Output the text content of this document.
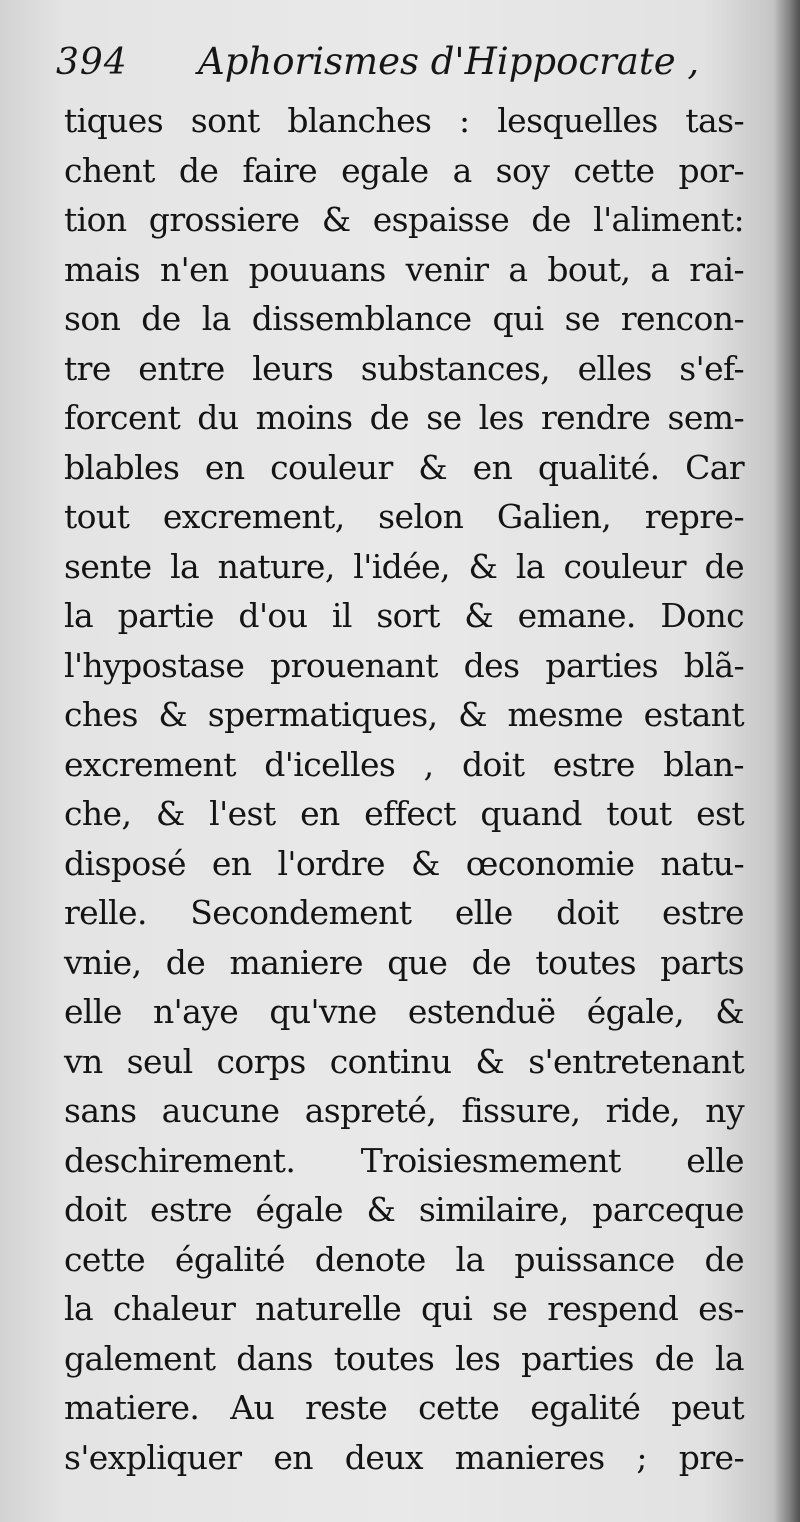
394 Aphorismes d'Hippocrate ,
tiques sont blanches : lesquelles tas-
chent de faire egale a soy cette por-
tion grossiere & espaisse de l'aliment:
mais n'en pouuans venir a bout, a rai-
son de la dissemblance qui se rencon-
tre entre leurs substances, elles s'ef-
forcent du moins de se les rendre sem-
blables en couleur & en qualité. Car
tout excrement, selon Galien, repre-
sente la nature, l'idée, & la couleur de
la partie d'ou il sort & emane. Donc
l'hypostase prouenant des parties blã-
ches & spermatiques, & mesme estant
excrement d'icelles , doit estre blan-
che, & l'est en effect quand tout est
disposé en l'ordre & œconomie natu-
relle. Secondement elle doit estre
vnie, de maniere que de toutes parts
elle n'aye qu'vne estenduë égale, &
vn seul corps continu & s'entretenant
sans aucune aspreté, fissure, ride, ny
deschirement. Troisiesmement elle
doit estre égale & similaire, parceque
cette égalité denote la puissance de
la chaleur naturelle qui se respend es-
galement dans toutes les parties de la
matiere. Au reste cette egalité peut
s'expliquer en deux manieres ; pre-
